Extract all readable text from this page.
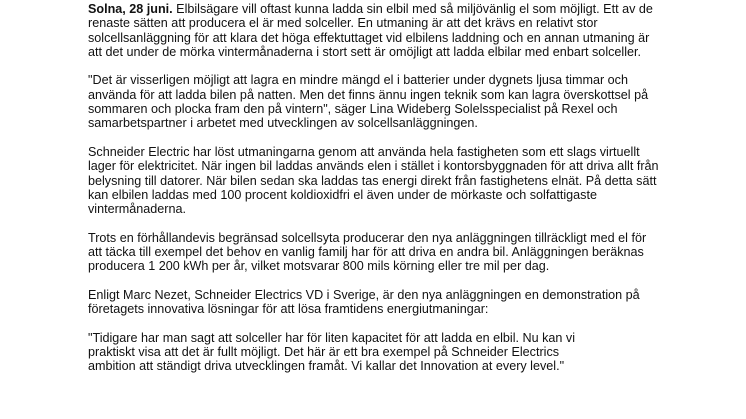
Solna, 28 juni. Elbilsägare vill oftast kunna ladda sin elbil med så miljövänlig el som möjligt. Ett av de
renaste sätten att producera el är med solceller. En utmaning är att det krävs en relativt stor
solcellsanläggning för att klara det höga effektuttaget vid elbilens laddning och en annan utmaning är
att det under de mörka vintermånaderna i stort sett är omöjligt att ladda elbilar med enbart solceller.

"Det är visserligen möjligt att lagra en mindre mängd el i batterier under dygnets ljusa timmar och
använda för att ladda bilen på natten. Men det finns ännu ingen teknik som kan lagra överskottsel på
sommaren och plocka fram den på vintern", säger Lina Wideberg Solelsspecialist på Rexel och
samarbetspartner i arbetet med utvecklingen av solcellsanläggningen.

Schneider Electric har löst utmaningarna genom att använda hela fastigheten som ett slags virtuellt
lager för elektricitet. När ingen bil laddas används elen i stället i kontorsbyggnaden för att driva allt från
belysning till datorer. När bilen sedan ska laddas tas energi direkt från fastighetens elnät. På detta sätt
kan elbilen laddas med 100 procent koldioxidfri el även under de mörkaste och solfattigaste
vintermånaderna.

Trots en förhållandevis begränsad solcellsyta producerar den nya anläggningen tillräckligt med el för
att täcka till exempel det behov en vanlig familj har för att driva en andra bil. Anläggningen beräknas
producera 1 200 kWh per år, vilket motsvarar 800 mils körning eller tre mil per dag.

Enligt Marc Nezet, Schneider Electrics VD i Sverige, är den nya anläggningen en demonstration på
företagets innovativa lösningar för att lösa framtidens energiutmaningar:

"Tidigare har man sagt att solceller har för liten kapacitet för att ladda en elbil. Nu kan vi
praktiskt visa att det är fullt möjligt. Det här är ett bra exempel på Schneider Electrics
ambition att ständigt driva utvecklingen framåt. Vi kallar det Innovation at every level."
